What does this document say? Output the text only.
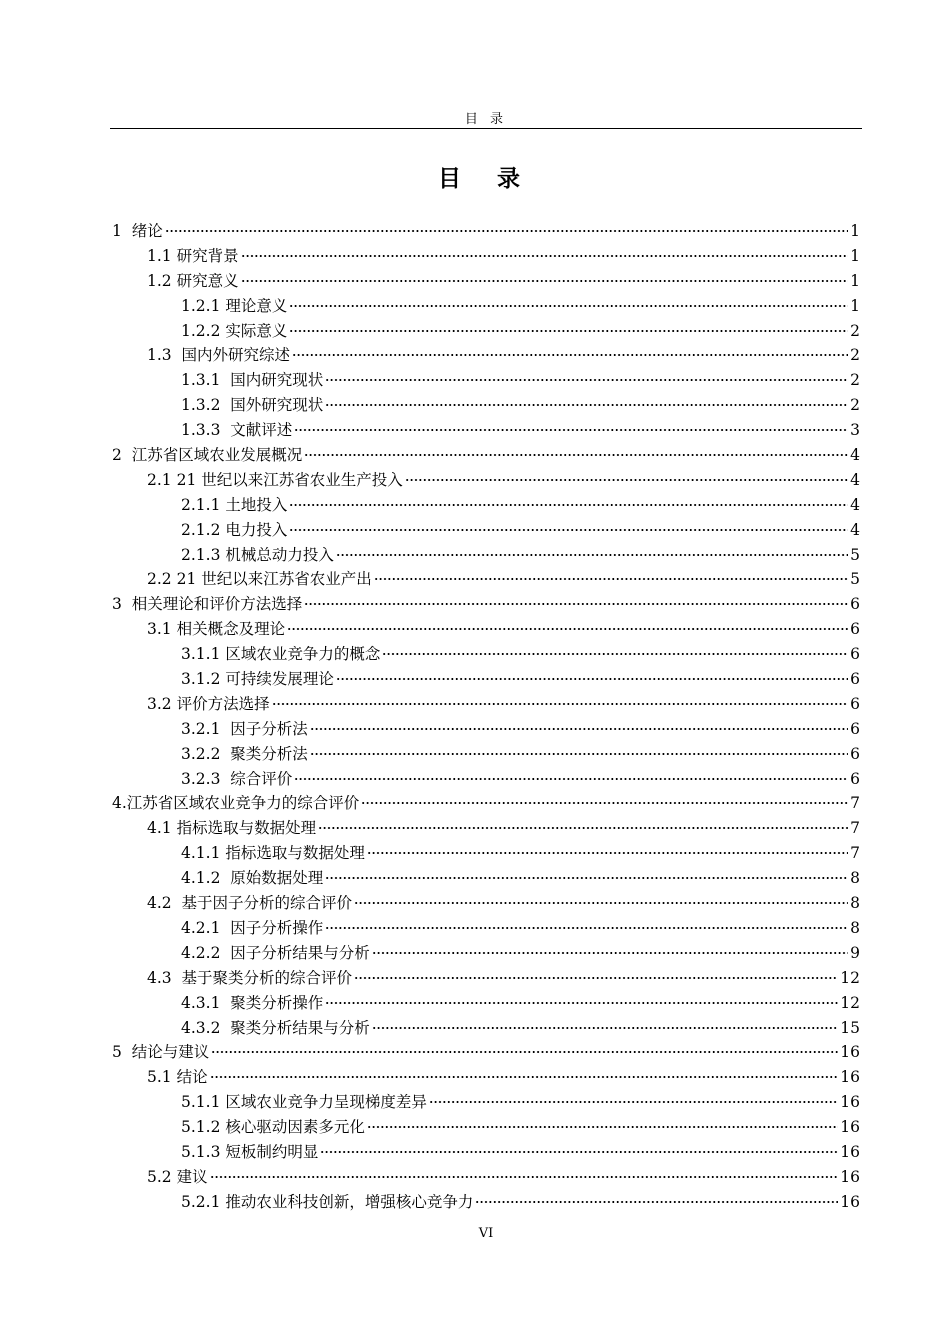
目 录
目 录
1  绪论	1
1.1 研究背景	1
1.2 研究意义	1
1.2.1 理论意义	1
1.2.2 实际意义	2
1.3  国内外研究综述	2
1.3.1  国内研究现状	2
1.3.2  国外研究现状	2
1.3.3  文献评述	3
2  江苏省区域农业发展概况	4
2.1 21 世纪以来江苏省农业生产投入	4
2.1.1 土地投入	4
2.1.2 电力投入	4
2.1.3 机械总动力投入	5
2.2 21 世纪以来江苏省农业产出	5
3  相关理论和评价方法选择	6
3.1 相关概念及理论	6
3.1.1 区域农业竞争力的概念	6
3.1.2 可持续发展理论	6
3.2 评价方法选择	6
3.2.1  因子分析法	6
3.2.2  聚类分析法	6
3.2.3  综合评价	6
4.江苏省区域农业竞争力的综合评价	7
4.1 指标选取与数据处理	7
4.1.1 指标选取与数据处理	7
4.1.2  原始数据处理	8
4.2  基于因子分析的综合评价	8
4.2.1  因子分析操作	8
4.2.2  因子分析结果与分析	9
4.3  基于聚类分析的综合评价	12
4.3.1  聚类分析操作	12
4.3.2  聚类分析结果与分析	15
5  结论与建议	16
5.1 结论	16
5.1.1 区域农业竞争力呈现梯度差异	16
5.1.2 核心驱动因素多元化	16
5.1.3 短板制约明显	16
5.2 建议	16
5.2.1 推动农业科技创新，增强核心竞争力	16
VI
